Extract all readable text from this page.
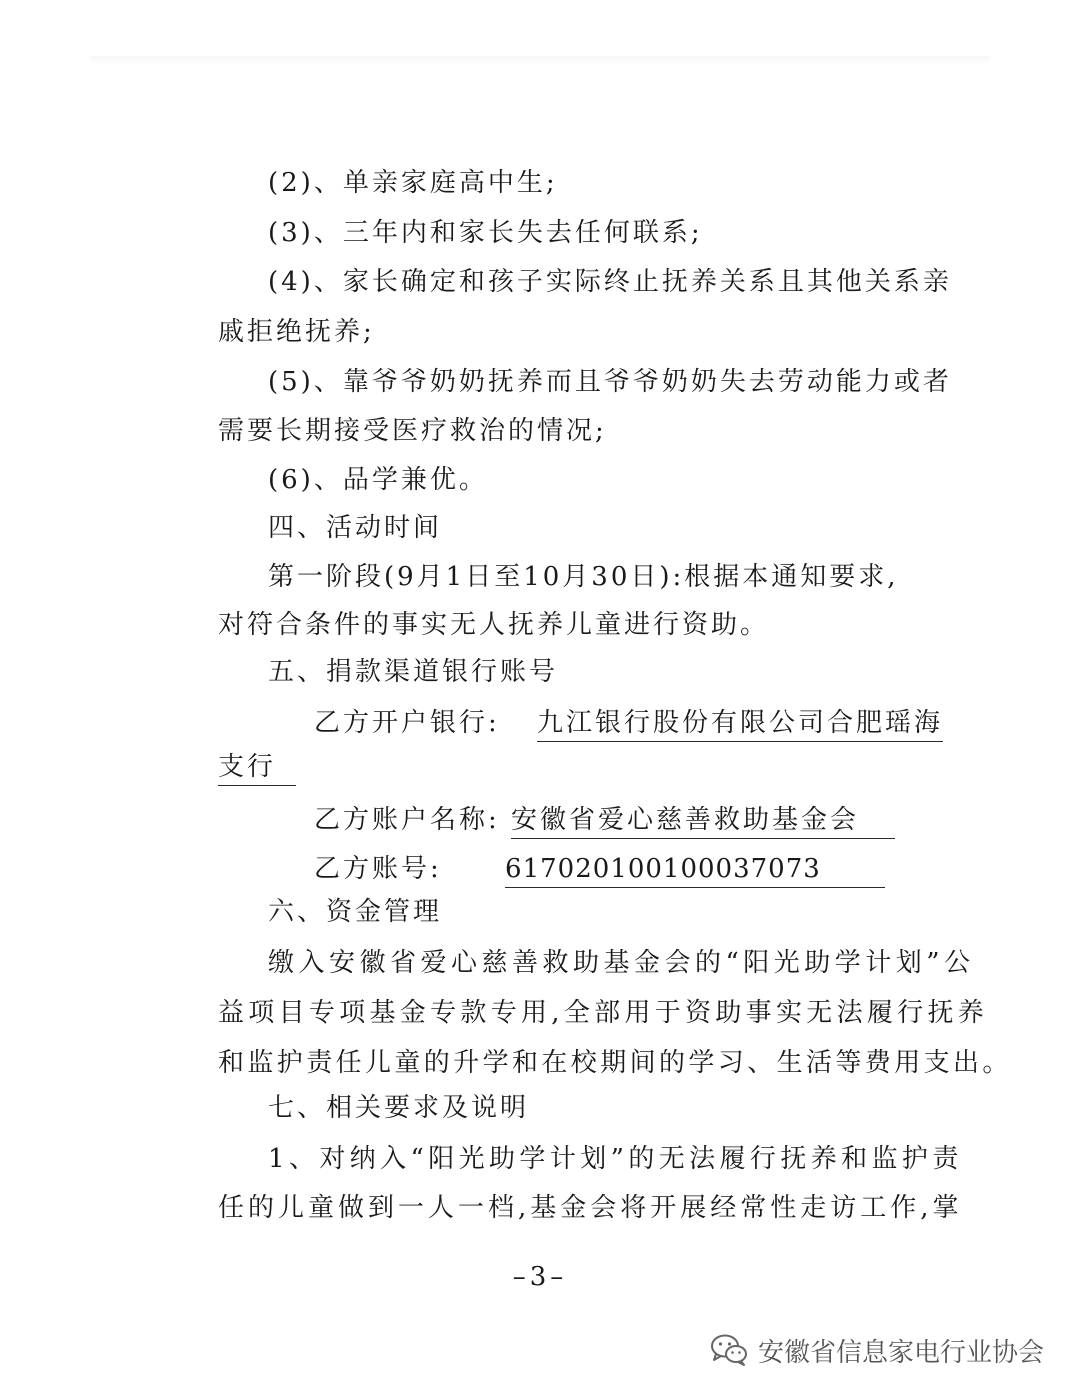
(2)、单亲家庭高中生;
(3)、三年内和家长失去任何联系;
(4)、家长确定和孩子实际终止抚养关系且其他关系亲
戚拒绝抚养;
(5)、靠爷爷奶奶抚养而且爷爷奶奶失去劳动能力或者
需要长期接受医疗救治的情况;
(6)、品学兼优。
四、活动时间
第一阶段(9月1日至10月30日):根据本通知要求,
对符合条件的事实无人抚养儿童进行资助。
五、捐款渠道银行账号
乙方开户银行: 九江银行股份有限公司合肥瑶海
支行
乙方账户名称: 安徽省爱心慈善救助基金会
乙方账号: 617020100100037073
六、资金管理
缴入安徽省爱心慈善救助基金会的“阳光助学计划”公
益项目专项基金专款专用,全部用于资助事实无法履行抚养
和监护责任儿童的升学和在校期间的学习、生活等费用支出。
七、相关要求及说明
1、对纳入“阳光助学计划”的无法履行抚养和监护责
任的儿童做到一人一档,基金会将开展经常性走访工作,掌
–3–
安徽省信息家电行业协会
